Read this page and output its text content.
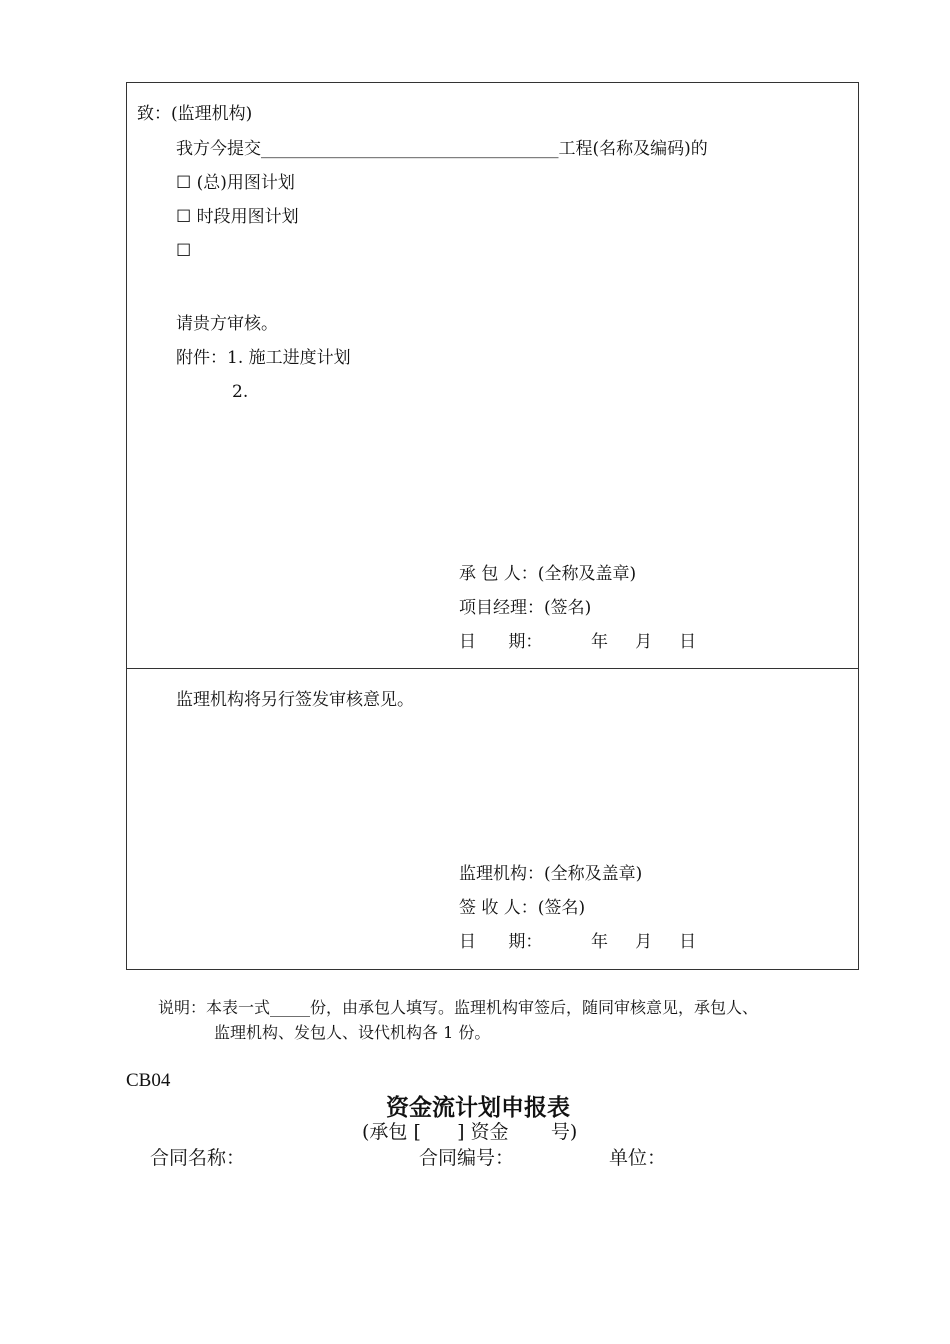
致：(监理机构)
我方今提交___________________________________工程(名称及编码)的
☐ (总)用图计划
☐ 时段用图计划
☐
请贵方审核。
附件：1. 施工进度计划
2.
承 包 人：(全称及盖章)
项目经理：(签名)
日      期：         年     月     日
监理机构将另行签发审核意见。
监理机构：(全称及盖章)
签 收 人：(签名)
日      期：         年     月     日
说明：本表一式_____份，由承包人填写。监理机构审签后，随同审核意见，承包人、
监理机构、发包人、设代机构各 1 份。
CB04
资金流计划申报表
(承包 [      ] 资金       号)
合同名称：	合同编号：	单位：
